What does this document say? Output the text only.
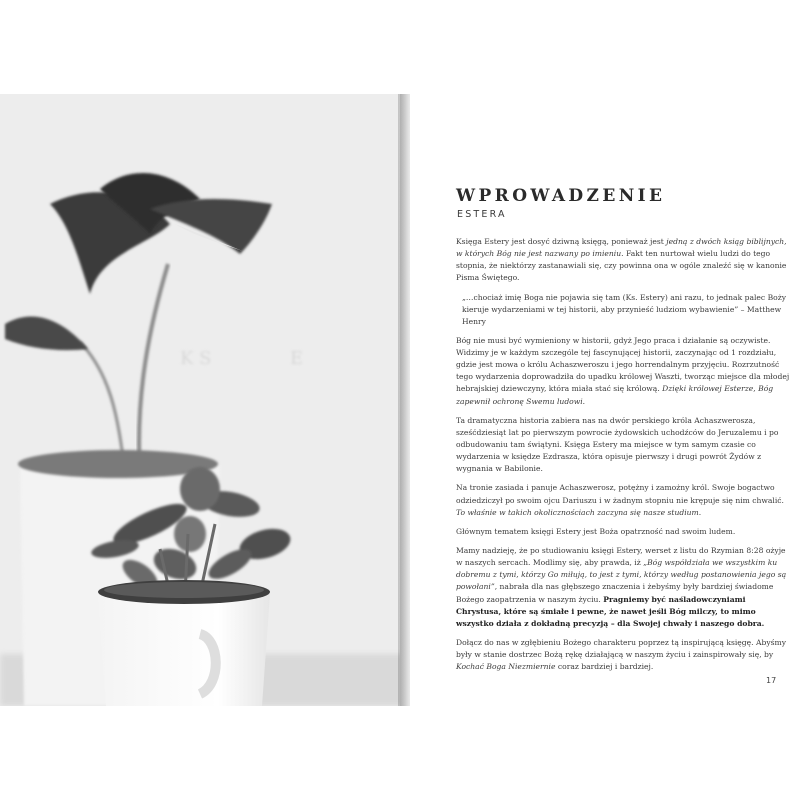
K S	E
WPROWADZENIE
ESTERA

Księga Estery jest dosyć dziwną księgą, ponieważ jest jedną z dwóch ksiąg biblijnych, w których Bóg nie jest nazwany po imieniu. Fakt ten nurtował wielu ludzi do tego stopnia, że niektórzy zastanawiali się, czy powinna ona w ogóle znaleźć się w kanonie Pisma Świętego.

„…chociaż imię Boga nie pojawia się tam (Ks. Estery) ani razu, to jednak palec Boży kieruje wydarzeniami w tej historii, aby przynieść ludziom wybawienie” – Matthew Henry

Bóg nie musi być wymieniony w historii, gdyż Jego praca i działanie są oczywiste. Widzimy je w każdym szczególe tej fascynującej historii, zaczynając od 1 rozdziału, gdzie jest mowa o królu Achaszweroszu i jego horrendalnym przyjęciu. Rozrzutność tego wydarzenia doprowadziła do upadku królowej Waszti, tworząc miejsce dla młodej hebrajskiej dziewczyny, która miała stać się królową. Dzięki królowej Esterze, Bóg zapewnił ochronę Swemu ludowi.

Ta dramatyczna historia zabiera nas na dwór perskiego króla Achaszwerosza, sześćdziesiąt lat po pierwszym powrocie żydowskich uchodźców do Jeruzalemu i po odbudowaniu tam świątyni. Księga Estery ma miejsce w tym samym czasie co wydarzenia w księdze Ezdrasza, która opisuje pierwszy i drugi powrót Żydów z wygnania w Babilonie.

Na tronie zasiada i panuje Achaszwerosz, potężny i zamożny król. Swoje bogactwo odziedziczył po swoim ojcu Dariuszu i w żadnym stopniu nie krępuje się nim chwalić. To właśnie w takich okolicznościach zaczyna się nasze studium.

Głównym tematem księgi Estery jest Boża opatrzność nad swoim ludem.

Mamy nadzieję, że po studiowaniu księgi Estery, werset z listu do Rzymian 8:28 ożyje w naszych sercach. Modlimy się, aby prawda, iż „Bóg współdziała we wszystkim ku dobremu z tymi, którzy Go miłują, to jest z tymi, którzy według postanowienia jego są powołani”, nabrała dla nas głębszego znaczenia i żebyśmy były bardziej świadome Bożego zaopatrzenia w naszym życiu. Pragniemy być naśladowczyniami Chrystusa, które są śmiałe i pewne, że nawet jeśli Bóg milczy, to mimo wszystko działa z dokładną precyzją – dla Swojej chwały i naszego dobra.

Dołącz do nas w zgłębieniu Bożego charakteru poprzez tą inspirującą księgę. Abyśmy były w stanie dostrzec Bożą rękę działającą w naszym życiu i zainspirowały się, by Kochać Boga Niezmiernie coraz bardziej i bardziej.

17
